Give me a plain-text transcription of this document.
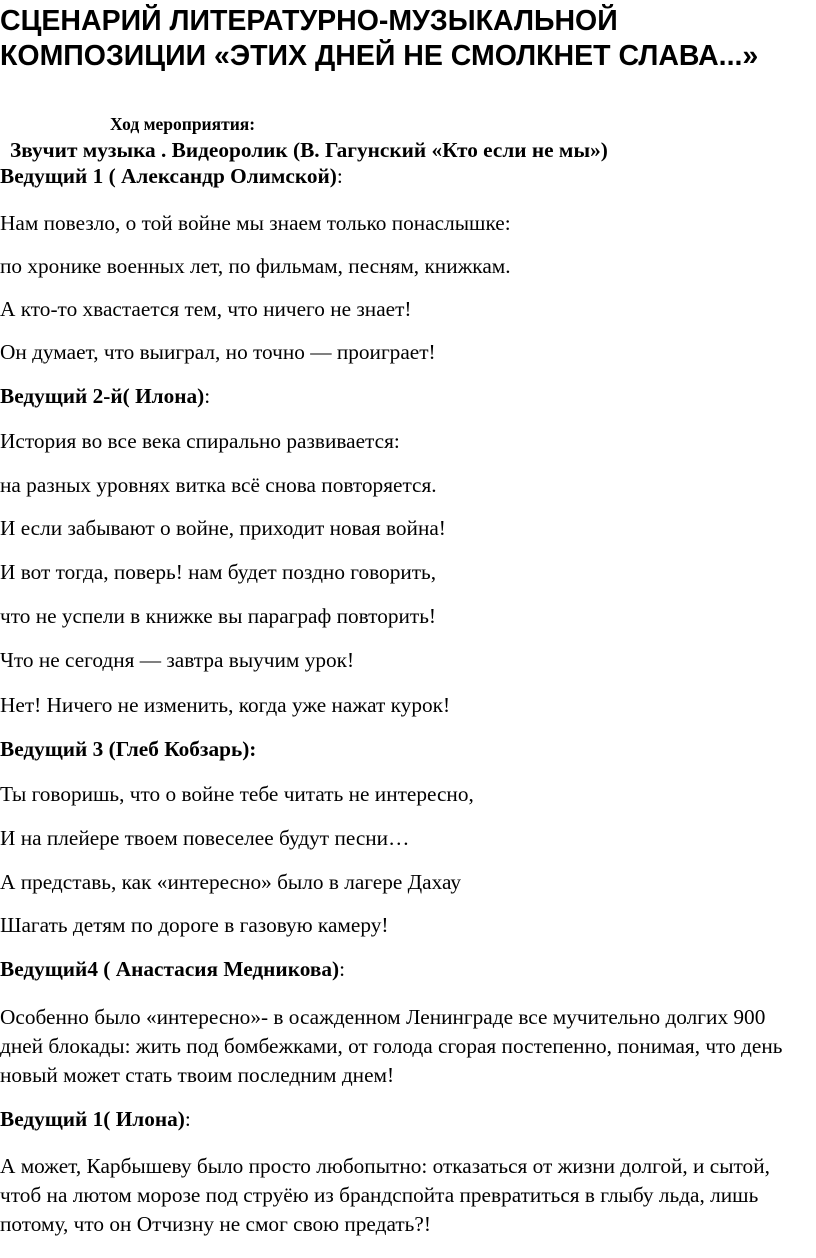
СЦЕНАРИЙ ЛИТЕРАТУРНО-МУЗЫКАЛЬНОЙ КОМПОЗИЦИИ «ЭТИХ ДНЕЙ НЕ СМОЛКНЕТ СЛАВА...»
Ход мероприятия:
Звучит музыка . Видеоролик (В. Гагунский «Кто если не мы»)
Ведущий 1 ( Александр Олимской):
Нам повезло, о той войне мы знаем только понаслышке:
по хронике военных лет, по фильмам, песням, книжкам.
А кто-то хвастается тем, что ничего не знает!
Он думает, что выиграл, но точно — проиграет!
Ведущий 2-й( Илона):
История во все века спирально развивается:
на разных уровнях витка всё снова повторяется.
И если забывают о войне, приходит новая война!
И вот тогда, поверь! нам будет поздно говорить,
что не успели в книжке вы параграф повторить!
Что не сегодня — завтра выучим урок!
Нет! Ничего не изменить, когда уже нажат курок!
Ведущий 3 (Глеб Кобзарь):
Ты говоришь, что о войне тебе читать не интересно,
И на плейере твоем повеселее будут песни…
А представь, как «интересно» было в лагере Дахау
Шагать детям по дороге в газовую камеру!
Ведущий4 ( Анастасия Медникова):
Особенно было «интересно»- в осажденном Ленинграде все мучительно долгих 900 дней блокады: жить под бомбежками, от голода сгорая постепенно, понимая, что день новый может стать твоим последним днем!
Ведущий 1( Илона):
А может, Карбышеву было просто любопытно: отказаться от жизни долгой, и сытой, чтоб на лютом морозе под струёю из брандспойта превратиться в глыбу льда, лишь потому, что он Отчизну не смог свою предать?!
